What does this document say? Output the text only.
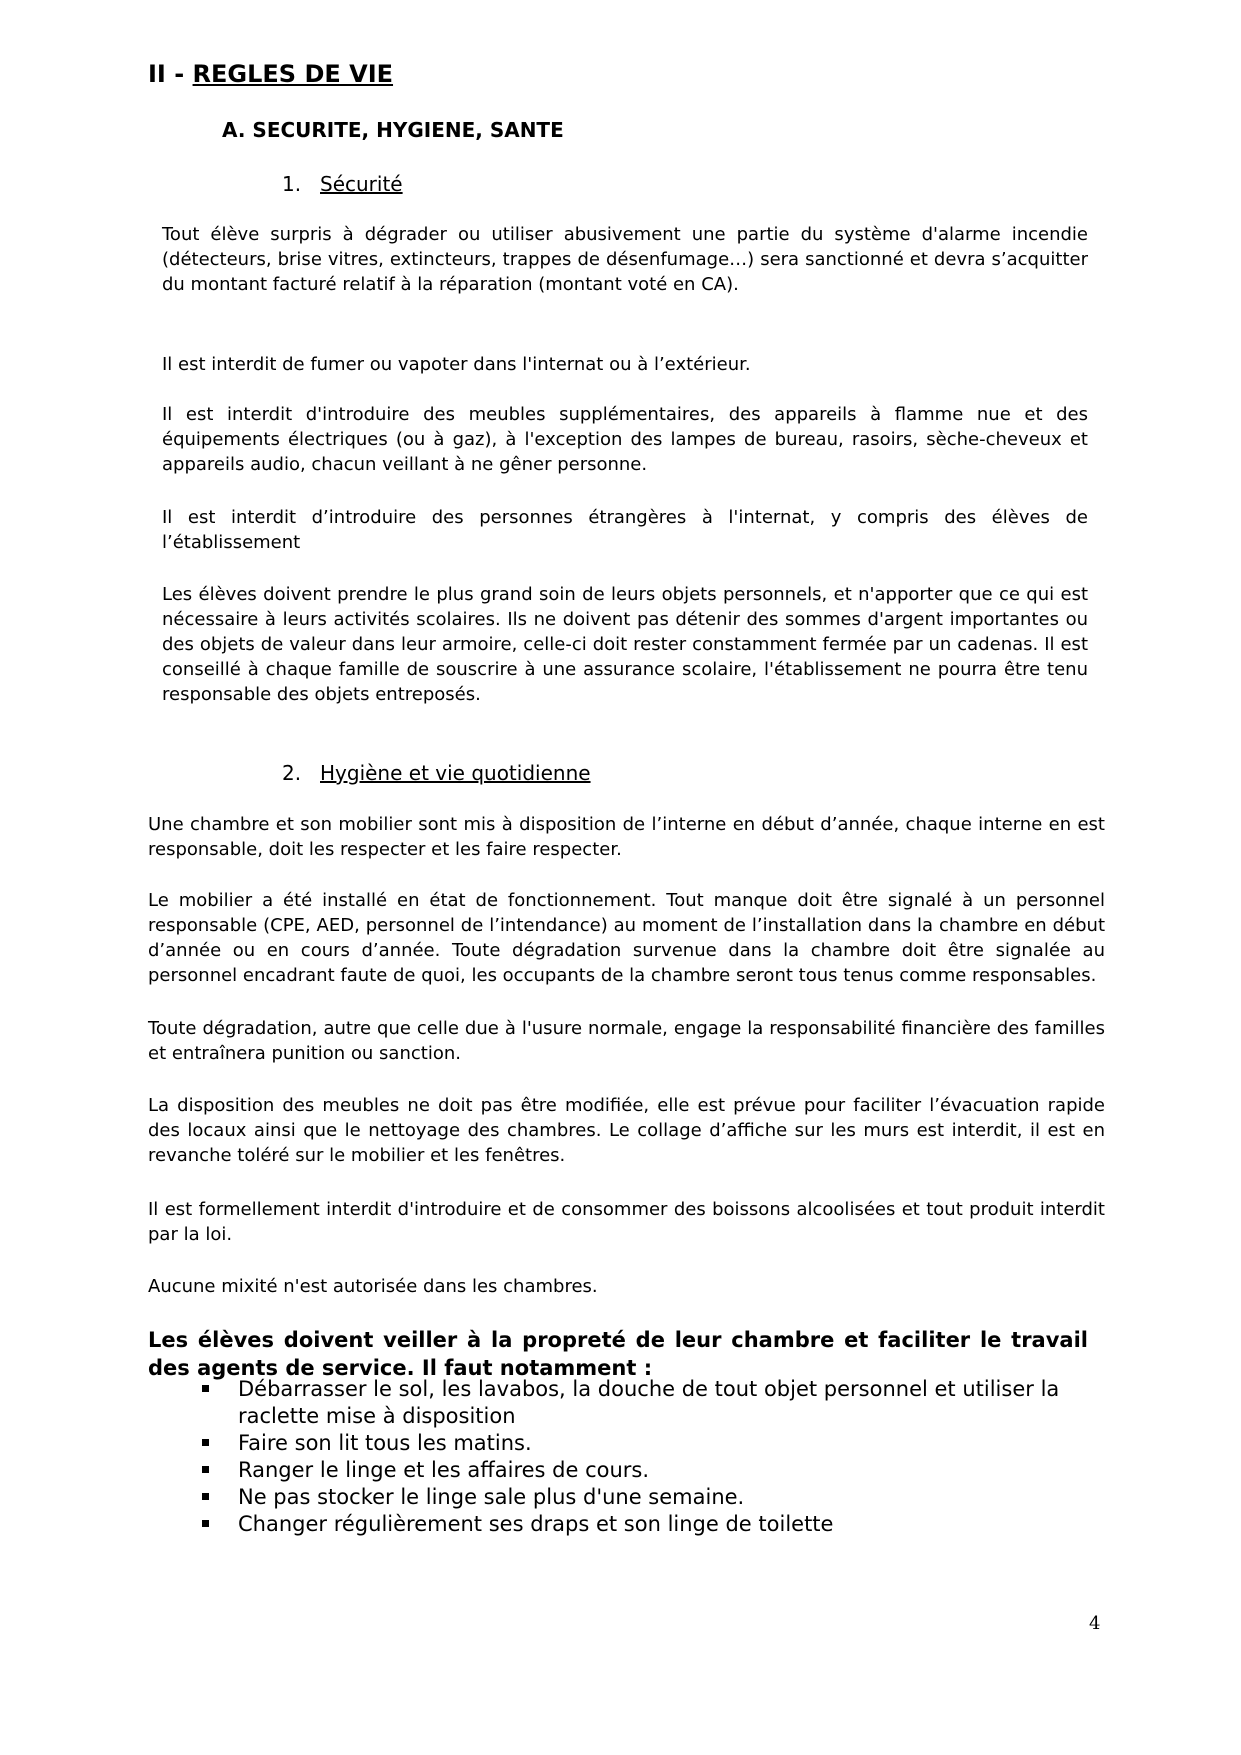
II - REGLES DE VIE
A. SECURITE, HYGIENE, SANTE
1. Sécurité

Tout élève surpris à dégrader ou utiliser abusivement une partie du système d'alarme incendie (détecteurs, brise vitres, extincteurs, trappes de désenfumage…) sera sanctionné et devra s’acquitter du montant facturé relatif à la réparation (montant voté en CA).

Il est interdit de fumer ou vapoter dans l'internat ou à l’extérieur.

Il est interdit d'introduire des meubles supplémentaires, des appareils à flamme nue et des équipements électriques (ou à gaz), à l'exception des lampes de bureau, rasoirs, sèche-cheveux et appareils audio, chacun veillant à ne gêner personne.

Il est interdit d’introduire des personnes étrangères à l'internat, y compris des élèves de l’établissement

Les élèves doivent prendre le plus grand soin de leurs objets personnels, et n'apporter que ce qui est nécessaire à leurs activités scolaires. Ils ne doivent pas détenir des sommes d'argent importantes ou des objets de valeur dans leur armoire, celle-ci doit rester constamment fermée par un cadenas. Il est conseillé à chaque famille de souscrire à une assurance scolaire, l'établissement ne pourra être tenu responsable des objets entreposés.

2. Hygiène et vie quotidienne

Une chambre et son mobilier sont mis à disposition de l’interne en début d’année, chaque interne en est responsable, doit les respecter et les faire respecter.

Le mobilier a été installé en état de fonctionnement. Tout manque doit être signalé à un personnel responsable (CPE, AED, personnel de l’intendance) au moment de l’installation dans la chambre en début d’année ou en cours d’année. Toute dégradation survenue dans la chambre doit être signalée au personnel encadrant faute de quoi, les occupants de la chambre seront tous tenus comme responsables.

Toute dégradation, autre que celle due à l'usure normale, engage la responsabilité financière des familles et entraînera punition ou sanction.

La disposition des meubles ne doit pas être modifiée, elle est prévue pour faciliter l’évacuation rapide des locaux ainsi que le nettoyage des chambres. Le collage d’affiche sur les murs est interdit, il est en revanche toléré sur le mobilier et les fenêtres.

Il est formellement interdit d'introduire et de consommer des boissons alcoolisées et tout produit interdit par la loi.

Aucune mixité n'est autorisée dans les chambres.

Les élèves doivent veiller à la propreté de leur chambre et faciliter le travail des agents de service. Il faut notamment :

Débarrasser le sol, les lavabos, la douche de tout objet personnel et utiliser la raclette mise à disposition
Faire son lit tous les matins.
Ranger le linge et les affaires de cours.
Ne pas stocker le linge sale plus d'une semaine.
Changer régulièrement ses draps et son linge de toilette
4
